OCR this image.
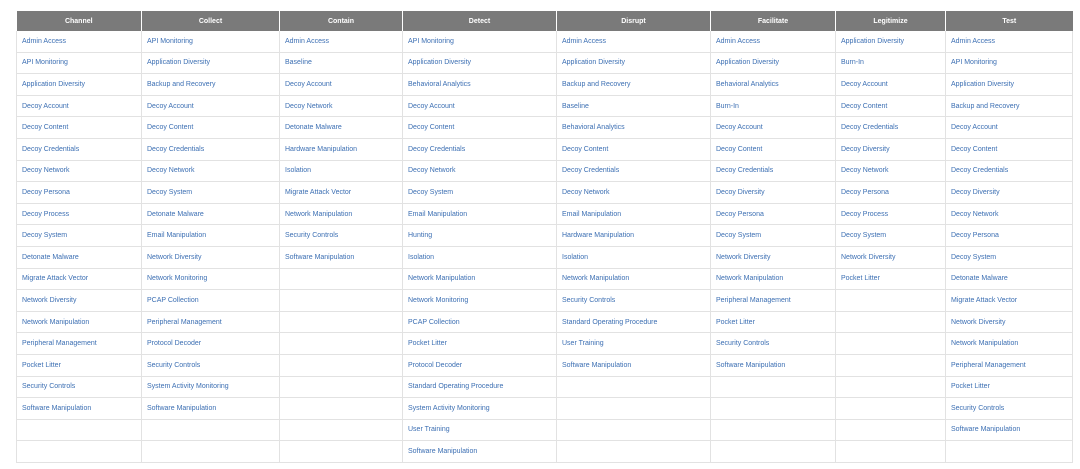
Channel	Collect	Contain	Detect	Disrupt	Facilitate	Legitimize	Test
Admin Access	API Monitoring	Admin Access	API Monitoring	Admin Access	Admin Access	Application Diversity	Admin Access
API Monitoring	Application Diversity	Baseline	Application Diversity	Application Diversity	Application Diversity	Burn-In	API Monitoring
Application Diversity	Backup and Recovery	Decoy Account	Behavioral Analytics	Backup and Recovery	Behavioral Analytics	Decoy Account	Application Diversity
Decoy Account	Decoy Account	Decoy Network	Decoy Account	Baseline	Burn-In	Decoy Content	Backup and Recovery
Decoy Content	Decoy Content	Detonate Malware	Decoy Content	Behavioral Analytics	Decoy Account	Decoy Credentials	Decoy Account
Decoy Credentials	Decoy Credentials	Hardware Manipulation	Decoy Credentials	Decoy Content	Decoy Content	Decoy Diversity	Decoy Content
Decoy Network	Decoy Network	Isolation	Decoy Network	Decoy Credentials	Decoy Credentials	Decoy Network	Decoy Credentials
Decoy Persona	Decoy System	Migrate Attack Vector	Decoy System	Decoy Network	Decoy Diversity	Decoy Persona	Decoy Diversity
Decoy Process	Detonate Malware	Network Manipulation	Email Manipulation	Email Manipulation	Decoy Persona	Decoy Process	Decoy Network
Decoy System	Email Manipulation	Security Controls	Hunting	Hardware Manipulation	Decoy System	Decoy System	Decoy Persona
Detonate Malware	Network Diversity	Software Manipulation	Isolation	Isolation	Network Diversity	Network Diversity	Decoy System
Migrate Attack Vector	Network Monitoring		Network Manipulation	Network Manipulation	Network Manipulation	Pocket Litter	Detonate Malware
Network Diversity	PCAP Collection		Network Monitoring	Security Controls	Peripheral Management		Migrate Attack Vector
Network Manipulation	Peripheral Management		PCAP Collection	Standard Operating Procedure	Pocket Litter		Network Diversity
Peripheral Management	Protocol Decoder		Pocket Litter	User Training	Security Controls		Network Manipulation
Pocket Litter	Security Controls		Protocol Decoder	Software Manipulation	Software Manipulation		Peripheral Management
Security Controls	System Activity Monitoring		Standard Operating Procedure				Pocket Litter
Software Manipulation	Software Manipulation		System Activity Monitoring				Security Controls
			User Training				Software Manipulation
			Software Manipulation				
